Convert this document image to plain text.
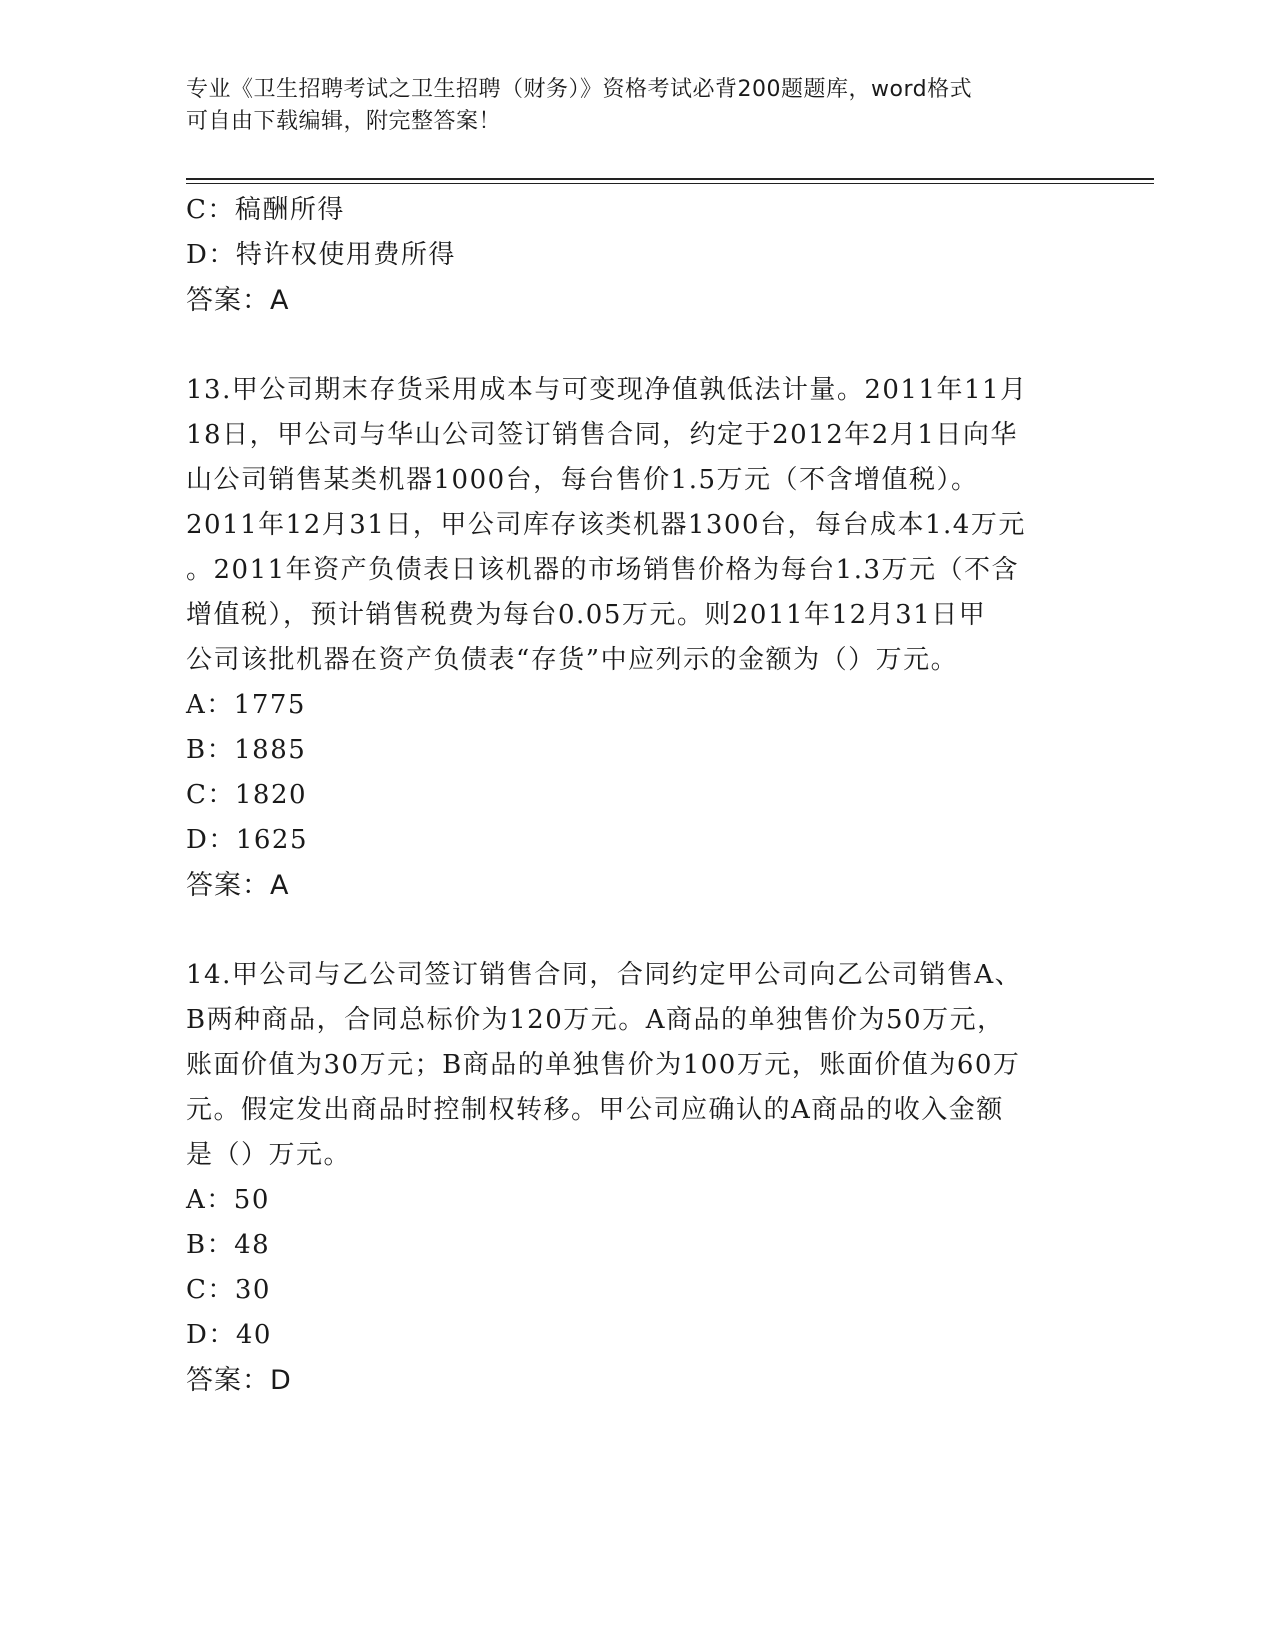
专业《卫生招聘考试之卫生招聘（财务）》资格考试必背200题题库，word格式
可自由下载编辑，附完整答案！
C：稿酬所得
D：特许权使用费所得
答案：A
13.甲公司期末存货采用成本与可变现净值孰低法计量。2011年11月
18日，甲公司与华山公司签订销售合同，约定于2012年2月1日向华
山公司销售某类机器1000台，每台售价1.5万元（不含增值税）。
2011年12月31日，甲公司库存该类机器1300台，每台成本1.4万元
。2011年资产负债表日该机器的市场销售价格为每台1.3万元（不含
增值税），预计销售税费为每台0.05万元。则2011年12月31日甲
公司该批机器在资产负债表“存货”中应列示的金额为（）万元。
A：1775
B：1885
C：1820
D：1625
答案：A
14.甲公司与乙公司签订销售合同，合同约定甲公司向乙公司销售A、
B两种商品，合同总标价为120万元。A商品的单独售价为50万元，
账面价值为30万元；B商品的单独售价为100万元，账面价值为60万
元。假定发出商品时控制权转移。甲公司应确认的A商品的收入金额
是（）万元。
A：50
B：48
C：30
D：40
答案：D
